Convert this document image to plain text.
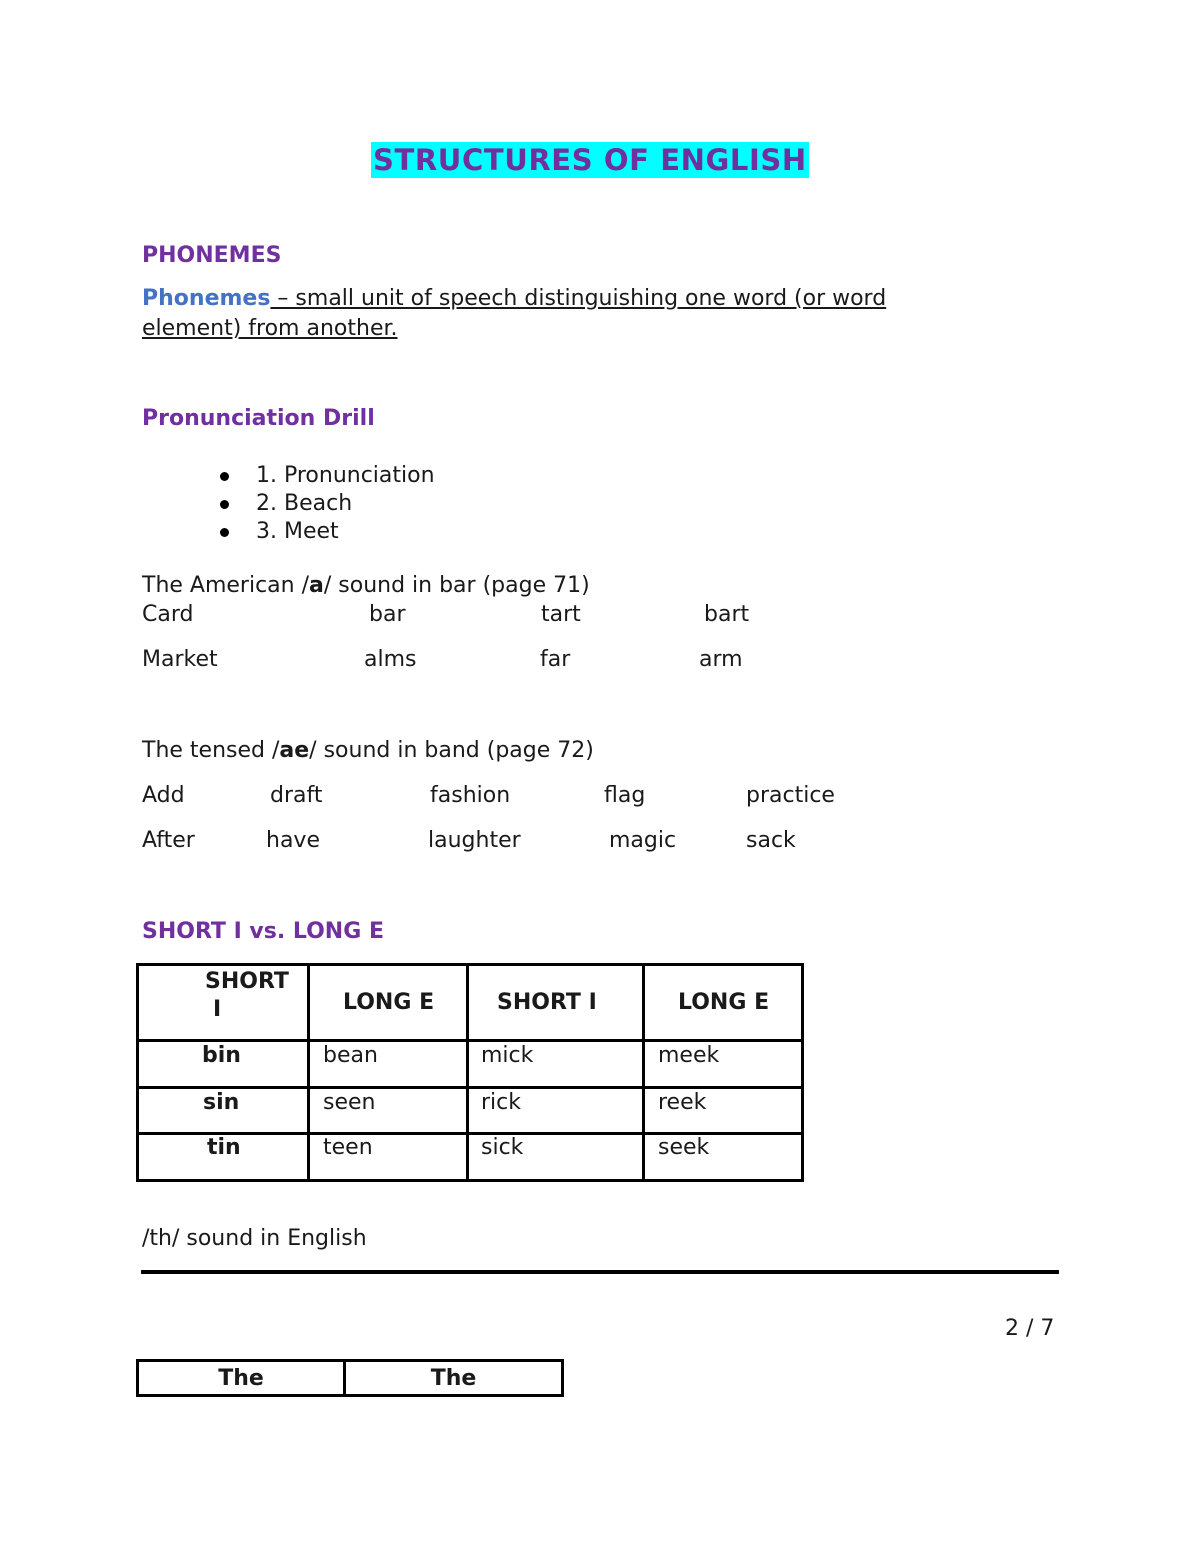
STRUCTURES OF ENGLISH
PHONEMES
Phonemes – small unit of speech distinguishing one word (or word
element) from another.
Pronunciation Drill
1. Pronunciation
2. Beach
3. Meet
The American /a/ sound in bar (page 71)
Card	bar	tart	bart
Market	alms	far	arm
The tensed /ae/ sound in band (page 72)
Add	draft	fashion	flag	practice
After	have	laughter	magic	sack
SHORT I vs. LONG E
SHORT
I	LONG E	SHORT I	LONG E

bin	bean	mick	meek

sin	seen	rick	reek

tin	teen	sick	seek
/th/ sound in English
2 / 7
The	The
